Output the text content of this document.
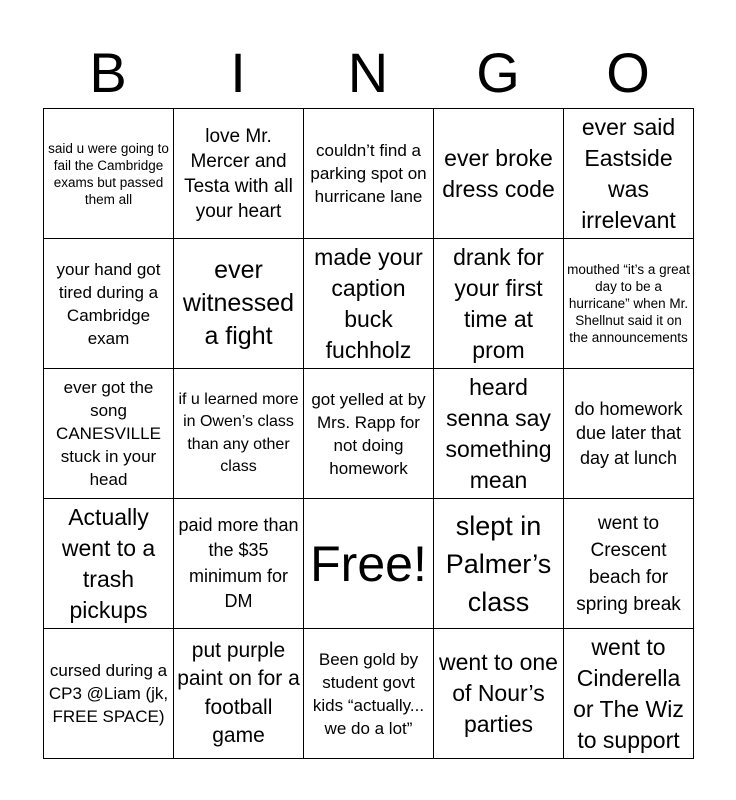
B	I	N	G	O
said u were going to fail the Cambridge exams but passed them all
love Mr. Mercer and Testa with all your heart
couldn’t find a parking spot on hurricane lane
ever broke dress code
ever said Eastside was irrelevant
your hand got tired during a Cambridge exam
ever witnessed a fight
made your caption buck fuchholz
drank for your first time at prom
mouthed “it’s a great day to be a hurricane” when Mr. Shellnut said it on the announcements
ever got the song CANESVILLE stuck in your head
if u learned more in Owen’s class than any other class
got yelled at by Mrs. Rapp for not doing homework
heard senna say something mean
do homework due later that day at lunch
Actually went to a trash pickups
paid more than the $35 minimum for DM
Free!
slept in Palmer’s class
went to Crescent beach for spring break
cursed during a CP3 @Liam (jk, FREE SPACE)
put purple paint on for a football game
Been gold by student govt kids “actually... we do a lot”
went to one of Nour’s parties
went to Cinderella or The Wiz to support
